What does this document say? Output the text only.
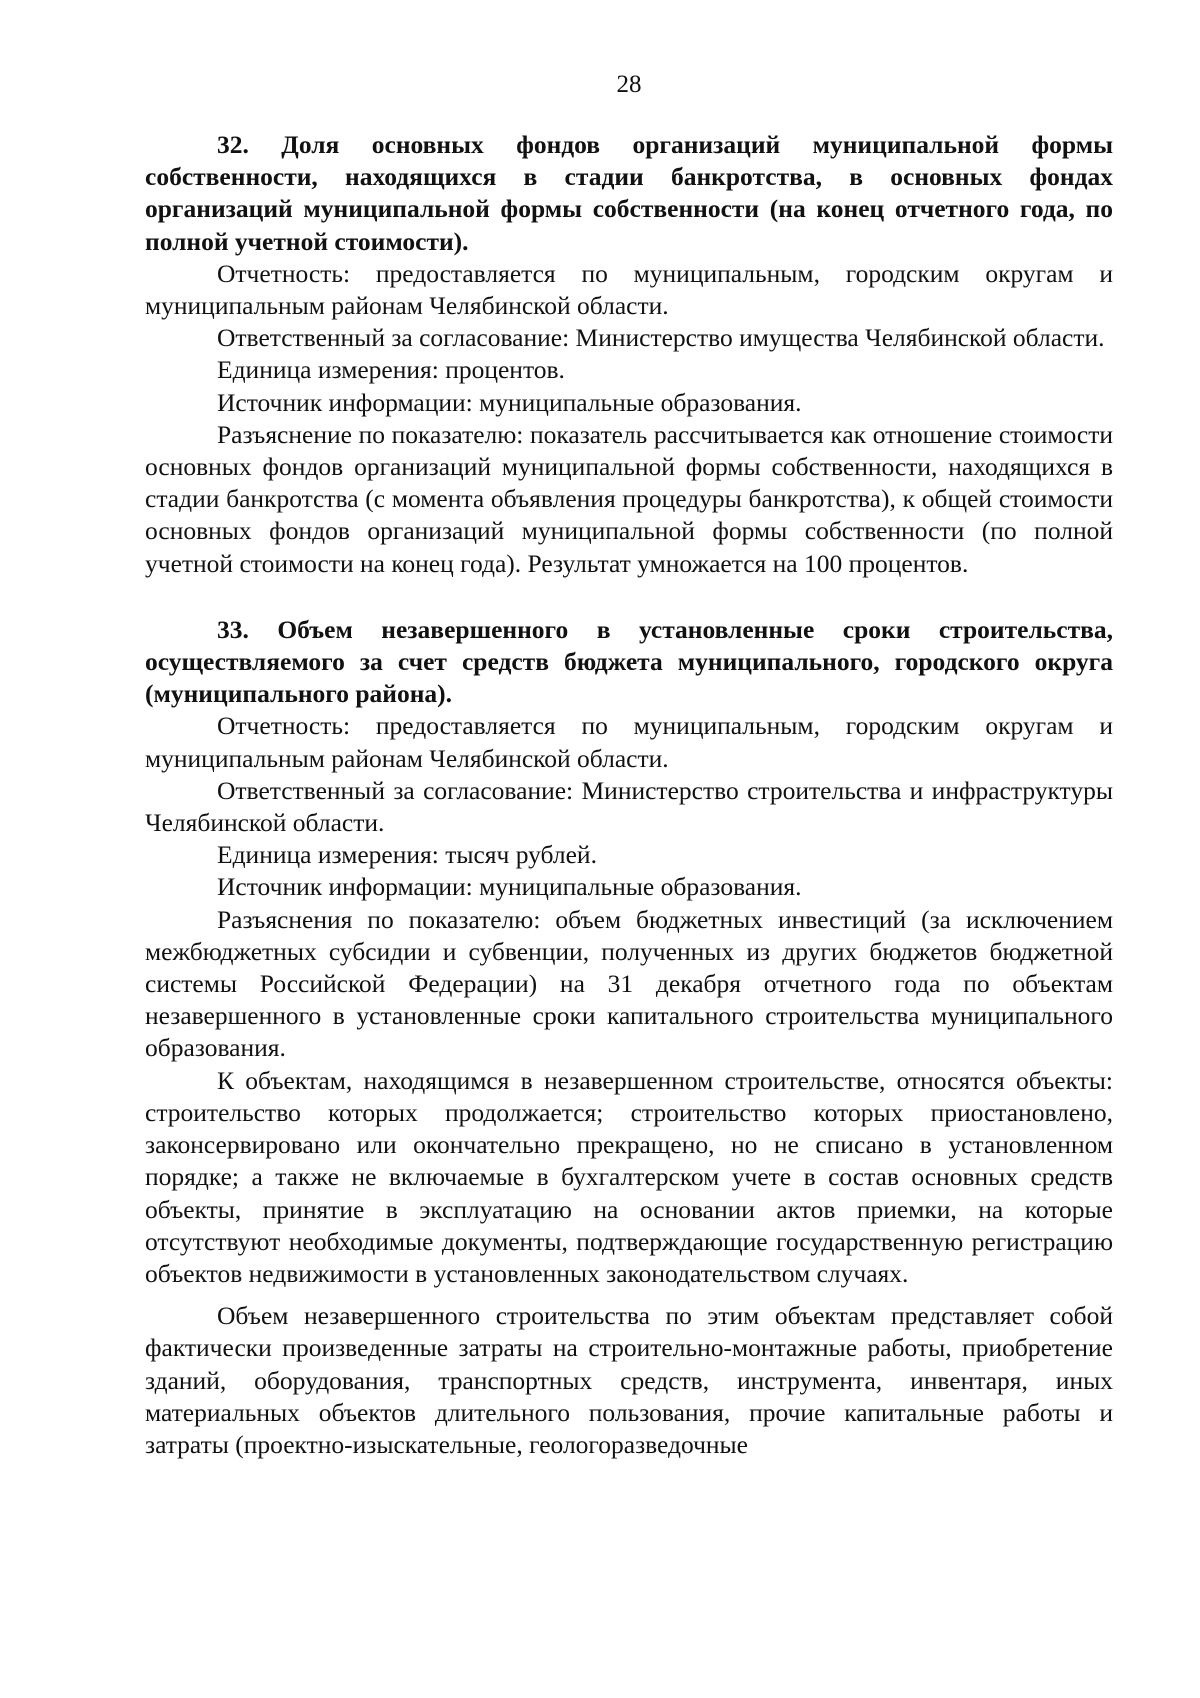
28

32. Доля основных фондов организаций муниципальной формы собственности, находящихся в стадии банкротства, в основных фондах организаций муниципальной формы собственности (на конец отчетного года, по полной учетной стоимости).

Отчетность: предоставляется по муниципальным, городским округам и муниципальным районам Челябинской области.

Ответственный за согласование: Министерство имущества Челябинской области.

Единица измерения: процентов.

Источник информации: муниципальные образования.

Разъяснение по показателю: показатель рассчитывается как отношение стоимости основных фондов организаций муниципальной формы собственности, находящихся в стадии банкротства (с момента объявления процедуры банкротства), к общей стоимости основных фондов организаций муниципальной формы собственности (по полной учетной стоимости на конец года). Результат умножается на 100 процентов.

33. Объем незавершенного в установленные сроки строительства, осуществляемого за счет средств бюджета муниципального, городского округа (муниципального района).

Отчетность: предоставляется по муниципальным, городским округам и муниципальным районам Челябинской области.

Ответственный за согласование: Министерство строительства и инфраструктуры Челябинской области.

Единица измерения: тысяч рублей.

Источник информации: муниципальные образования.

Разъяснения по показателю: объем бюджетных инвестиций (за исключением межбюджетных субсидии и субвенции, полученных из других бюджетов бюджетной системы Российской Федерации) на 31 декабря отчетного года по объектам незавершенного в установленные сроки капитального строительства муниципального образования.

К объектам, находящимся в незавершенном строительстве, относятся объекты: строительство которых продолжается; строительство которых приостановлено, законсервировано или окончательно прекращено, но не списано в установленном порядке; а также не включаемые в бухгалтерском учете в состав основных средств объекты, принятие в эксплуатацию на основании актов приемки, на которые отсутствуют необходимые документы, подтверждающие государственную регистрацию объектов недвижимости в установленных законодательством случаях.

Объем незавершенного строительства по этим объектам представляет собой фактически произведенные затраты на строительно-монтажные работы, приобретение зданий, оборудования, транспортных средств, инструмента, инвентаря, иных материальных объектов длительного пользования, прочие капитальные работы и затраты (проектно-изыскательные, геологоразведочные
